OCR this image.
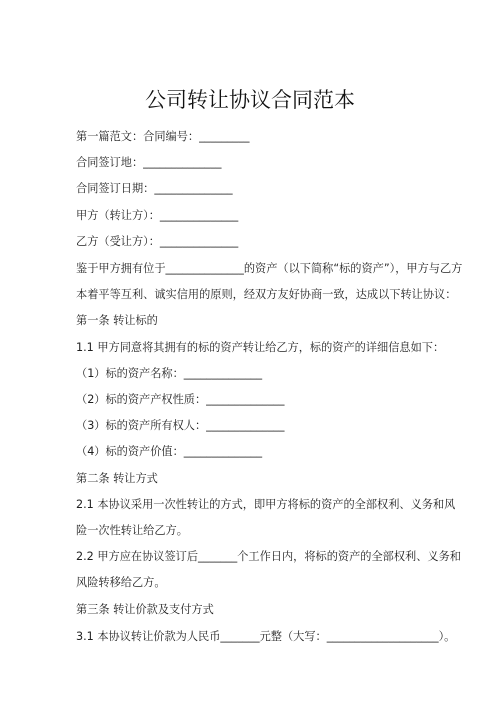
公司转让协议合同范本
第一篇范文：合同编号：_________
合同签订地：______________
合同签订日期：______________
甲方（转让方）：______________
乙方（受让方）：______________
鉴于甲方拥有位于______________的资产（以下简称“标的资产”），甲方与乙方
本着平等互利、诚实信用的原则，经双方友好协商一致，达成以下转让协议：
第一条 转让标的
1.1 甲方同意将其拥有的标的资产转让给乙方，标的资产的详细信息如下：
（1）标的资产名称：______________
（2）标的资产产权性质：______________
（3）标的资产所有权人：______________
（4）标的资产价值：______________
第二条 转让方式
2.1 本协议采用一次性转让的方式，即甲方将标的资产的全部权利、义务和风
险一次性转让给乙方。
2.2 甲方应在协议签订后_______个工作日内，将标的资产的全部权利、义务和
风险转移给乙方。
第三条 转让价款及支付方式
3.1 本协议转让价款为人民币_______元整（大写：____________________）。
